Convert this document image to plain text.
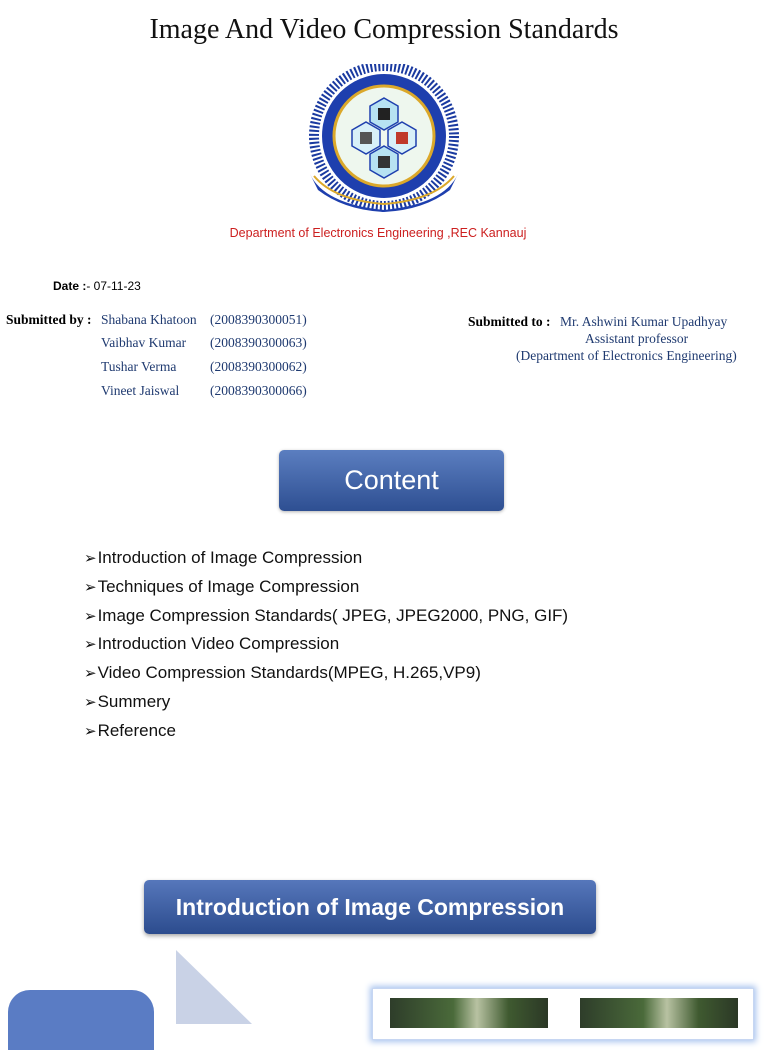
Image And Video Compression Standards
Department of Electronics Engineering ,REC Kannauj
Date :- 07-11-23
Submitted by : Shabana Khatoon (2008390300051)
Vaibhav Kumar (2008390300063)
Tushar Verma (2008390300062)
Vineet Jaiswal (2008390300066)
Submitted to : Mr. Ashwini Kumar Upadhyay
Assistant professor
(Department of Electronics Engineering)
Content
➢Introduction of Image Compression
➢Techniques of Image Compression
➢Image Compression Standards( JPEG, JPEG2000, PNG, GIF)
➢Introduction Video Compression
➢Video Compression Standards(MPEG, H.265,VP9)
➢Summery
➢Reference
Introduction of Image Compression
